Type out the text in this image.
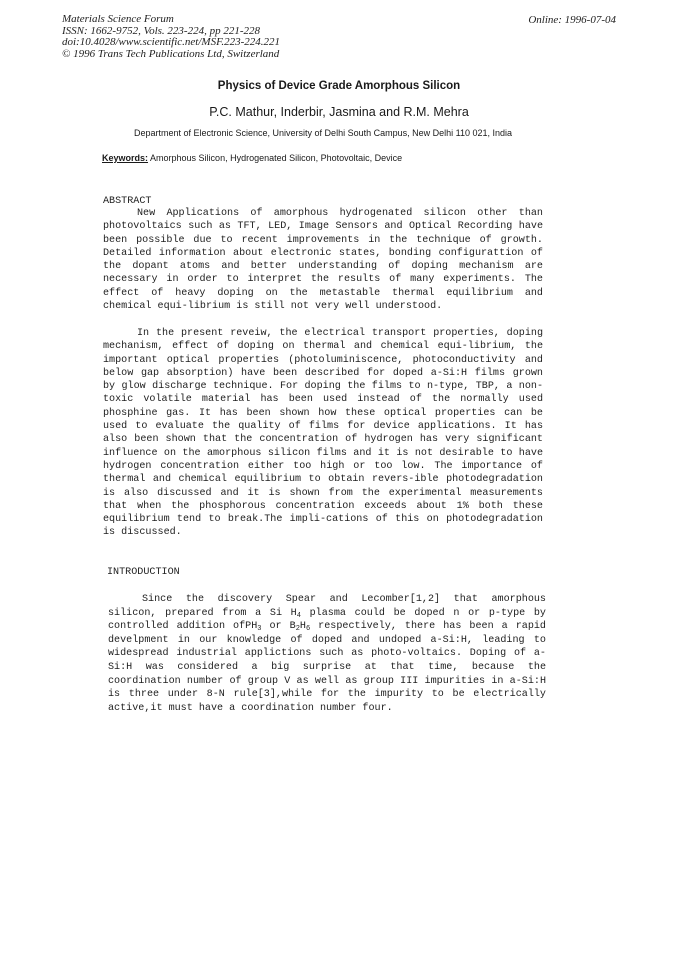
Materials Science Forum
ISSN: 1662-9752, Vols. 223-224, pp 221-228
doi:10.4028/www.scientific.net/MSF.223-224.221
© 1996 Trans Tech Publications Ltd, Switzerland
Online: 1996-07-04
Physics of Device Grade Amorphous Silicon
P.C. Mathur, Inderbir, Jasmina and R.M. Mehra
Department of Electronic Science, University of Delhi South Campus, New Delhi 110 021, India
Keywords: Amorphous Silicon, Hydrogenated Silicon, Photovoltaic, Device
ABSTRACT
New Applications of amorphous hydrogenated silicon other than photovoltaics such as TFT, LED, Image Sensors and Optical Recording have been possible due to recent improvements in the technique of growth. Detailed information about electronic states, bonding configurattion of the dopant atoms and better understanding of doping mechanism are necessary in order to interpret the results of many experiments. The effect of heavy doping on the metastable thermal equilibrium and chemical equi-librium is still not very well understood.
In the present reveiw, the electrical transport properties, doping mechanism, effect of doping on thermal and chemical equi-librium, the important optical properties (photoluminiscence, photoconductivity and below gap absorption) have been described for doped a-Si:H films grown by glow discharge technique. For doping the films to n-type, TBP, a non-toxic volatile material has been used instead of the normally used phosphine gas. It has been shown how these optical properties can be used to evaluate the quality of films for device applications. It has also been shown that the concentration of hydrogen has very significant influence on the amorphous silicon films and it is not desirable to have hydrogen concentration either too high or too low. The importance of thermal and chemical equilibrium to obtain revers-ible photodegradation is also discussed and it is shown from the experimental measurements that when the phosphorous concentration exceeds about 1% both these equilibrium tend to break.The impli-cations of this on photodegradation is discussed.
INTRODUCTION
Since the discovery Spear and Lecomber[1,2] that amorphous silicon, prepared from a Si $H_4$ plasma could be doped n or p-type by controlled addition ofPH$_3$ or $B_2H_6$ respectively, there has been a rapid develpment in our knowledge of doped and undoped a-Si:H, leading to widespread industrial applictions such as photo-voltaics. Doping of a-Si:H was considered a big surprise at that time, because the coordination number of group V as well as group III impurities in a-Si:H is three under 8-N rule[3],while for the impurity to be electrically active,it must have a coordination number four.
